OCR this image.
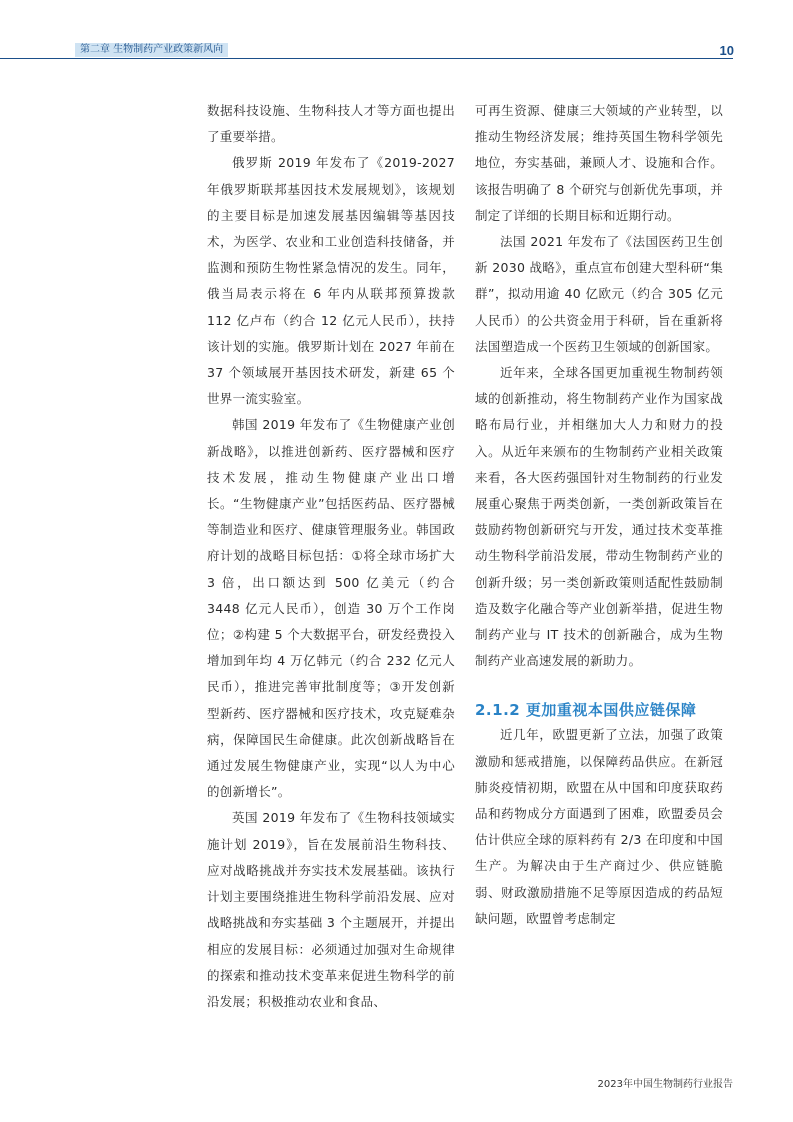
第二章 生物制药产业政策新风向	10

数据科技设施、生物科技人才等方面也提出了重要举措。

俄罗斯 2019 年发布了《2019-2027 年俄罗斯联邦基因技术发展规划》，该规划的主要目标是加速发展基因编辑等基因技术，为医学、农业和工业创造科技储备，并监测和预防生物性紧急情况的发生。同年，俄当局表示将在 6 年内从联邦预算拨款 112 亿卢布（约合 12 亿元人民币），扶持该计划的实施。俄罗斯计划在 2027 年前在 37 个领域展开基因技术研发，新建 65 个世界一流实验室。

韩国 2019 年发布了《生物健康产业创新战略》，以推进创新药、医疗器械和医疗技术发展，推动生物健康产业出口增长。“生物健康产业”包括医药品、医疗器械等制造业和医疗、健康管理服务业。韩国政府计划的战略目标包括：①将全球市场扩大 3 倍，出口额达到 500 亿美元（约合 3448 亿元人民币），创造 30 万个工作岗位；②构建 5 个大数据平台，研发经费投入增加到年均 4 万亿韩元（约合 232 亿元人民币），推进完善审批制度等；③开发创新型新药、医疗器械和医疗技术，攻克疑难杂病，保障国民生命健康。此次创新战略旨在通过发展生物健康产业，实现“以人为中心的创新增长”。

英国 2019 年发布了《生物科技领域实施计划 2019》，旨在发展前沿生物科技、应对战略挑战并夯实技术发展基础。该执行计划主要围绕推进生物科学前沿发展、应对战略挑战和夯实基础 3 个主题展开，并提出相应的发展目标：必须通过加强对生命规律的探索和推动技术变革来促进生物科学的前沿发展；积极推动农业和食品、

可再生资源、健康三大领域的产业转型，以推动生物经济发展；维持英国生物科学领先地位，夯实基础，兼顾人才、设施和合作。该报告明确了 8 个研究与创新优先事项，并制定了详细的长期目标和近期行动。

法国 2021 年发布了《法国医药卫生创新 2030 战略》，重点宣布创建大型科研“集群”，拟动用逾 40 亿欧元（约合 305 亿元人民币）的公共资金用于科研，旨在重新将法国塑造成一个医药卫生领域的创新国家。

近年来，全球各国更加重视生物制药领域的创新推动，将生物制药产业作为国家战略布局行业，并相继加大人力和财力的投入。从近年来颁布的生物制药产业相关政策来看，各大医药强国针对生物制药的行业发展重心聚焦于两类创新，一类创新政策旨在鼓励药物创新研究与开发，通过技术变革推动生物科学前沿发展，带动生物制药产业的创新升级；另一类创新政策则适配性鼓励制造及数字化融合等产业创新举措，促进生物制药产业与 IT 技术的创新融合，成为生物制药产业高速发展的新助力。

2.1.2 更加重视本国供应链保障

近几年，欧盟更新了立法，加强了政策激励和惩戒措施，以保障药品供应。在新冠肺炎疫情初期，欧盟在从中国和印度获取药品和药物成分方面遇到了困难，欧盟委员会估计供应全球的原料药有 2/3 在印度和中国生产。为解决由于生产商过少、供应链脆弱、财政激励措施不足等原因造成的药品短缺问题，欧盟曾考虑制定

2023年中国生物制药行业报告
